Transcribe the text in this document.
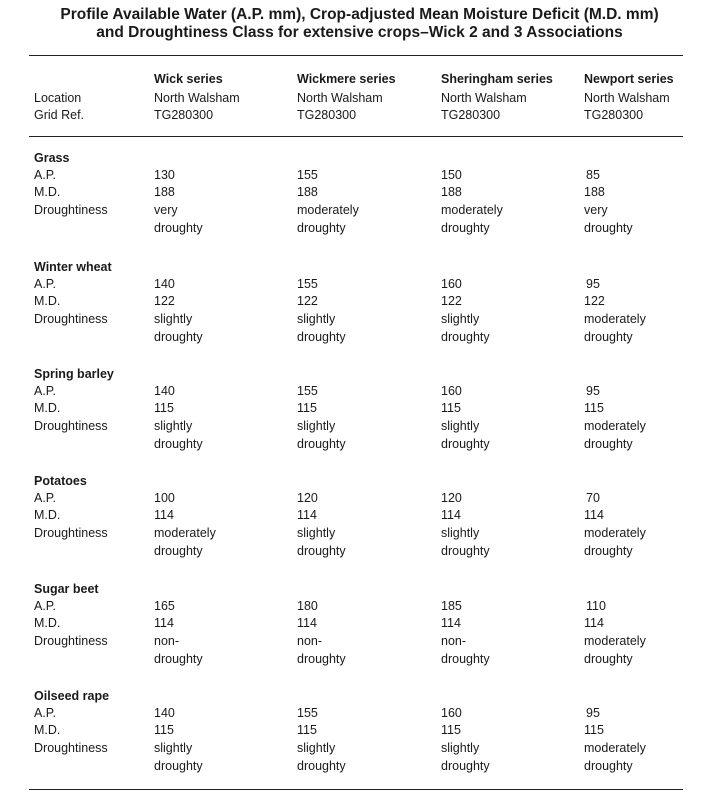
Profile Available Water (A.P. mm), Crop-adjusted Mean Moisture Deficit (M.D. mm)
and Droughtiness Class for extensive crops–Wick 2 and 3 Associations
Location
Grid Ref.
Wick series
North Walsham
TG280300
Wickmere series
North Walsham
TG280300
Sheringham series
North Walsham
TG280300
Newport series
North Walsham
TG280300
Grass
A.P.
M.D.
Droughtiness
130
188
very
droughty
155
188
moderately
droughty
150
188
moderately
droughty
85
188
very
droughty
Winter wheat
A.P.
M.D.
Droughtiness
140
122
slightly
droughty
155
122
slightly
droughty
160
122
slightly
droughty
95
122
moderately
droughty
Spring barley
A.P.
M.D.
Droughtiness
140
115
slightly
droughty
155
115
slightly
droughty
160
115
slightly
droughty
95
115
moderately
droughty
Potatoes
A.P.
M.D.
Droughtiness
100
114
moderately
droughty
120
114
slightly
droughty
120
114
slightly
droughty
70
114
moderately
droughty
Sugar beet
A.P.
M.D.
Droughtiness
165
114
non-
droughty
180
114
non-
droughty
185
114
non-
droughty
110
114
moderately
droughty
Oilseed rape
A.P.
M.D.
Droughtiness
140
115
slightly
droughty
155
115
slightly
droughty
160
115
slightly
droughty
95
115
moderately
droughty
